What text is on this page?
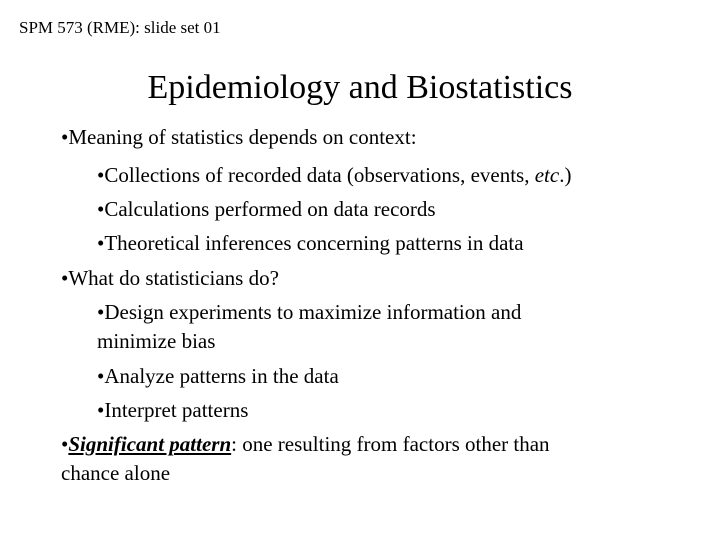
SPM 573 (RME): slide set 01
Epidemiology and Biostatistics
•Meaning of statistics depends on context:
•Collections of recorded data (observations, events, etc.)
•Calculations performed on data records
•Theoretical inferences concerning patterns in data
•What do statisticians do?
•Design experiments to maximize information and
minimize bias
•Analyze patterns in the data
•Interpret patterns
•Significant pattern: one resulting from factors other than
chance alone
